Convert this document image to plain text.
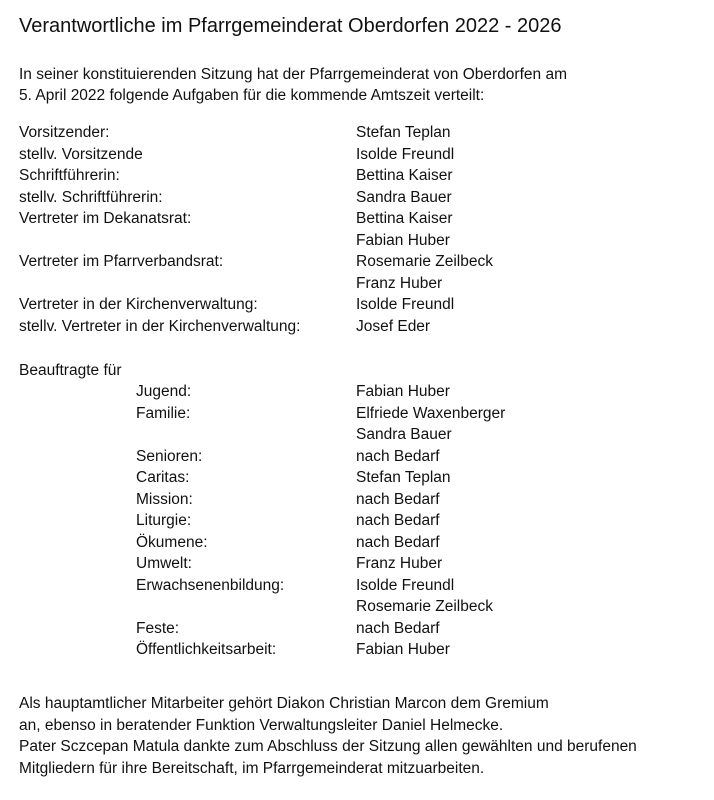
Verantwortliche im Pfarrgemeinderat Oberdorfen 2022 - 2026
In seiner konstituierenden Sitzung hat der Pfarrgemeinderat von Oberdorfen am
5. April 2022 folgende Aufgaben für die kommende Amtszeit verteilt:
Vorsitzender:	Stefan Teplan
stellv. Vorsitzende	Isolde Freundl
Schriftführerin:	Bettina Kaiser
stellv. Schriftführerin:	Sandra Bauer
Vertreter im Dekanatsrat:	Bettina Kaiser
Fabian Huber
Vertreter im Pfarrverbandsrat:	Rosemarie Zeilbeck
Franz Huber
Vertreter in der Kirchenverwaltung:	Isolde Freundl
stellv. Vertreter in der Kirchenverwaltung:	Josef Eder
Beauftragte für
Jugend:	Fabian Huber
Familie:	Elfriede Waxenberger
Sandra Bauer
Senioren:	nach Bedarf
Caritas:	Stefan Teplan
Mission:	nach Bedarf
Liturgie:	nach Bedarf
Ökumene:	nach Bedarf
Umwelt:	Franz Huber
Erwachsenenbildung:	Isolde Freundl
Rosemarie Zeilbeck
Feste:	nach Bedarf
Öffentlichkeitsarbeit:	Fabian Huber
Als hauptamtlicher Mitarbeiter gehört Diakon Christian Marcon dem Gremium
an, ebenso in beratender Funktion Verwaltungsleiter Daniel Helmecke.
Pater Sczcepan Matula dankte zum Abschluss der Sitzung allen gewählten und berufenen
Mitgliedern für ihre Bereitschaft, im Pfarrgemeinderat mitzuarbeiten.
